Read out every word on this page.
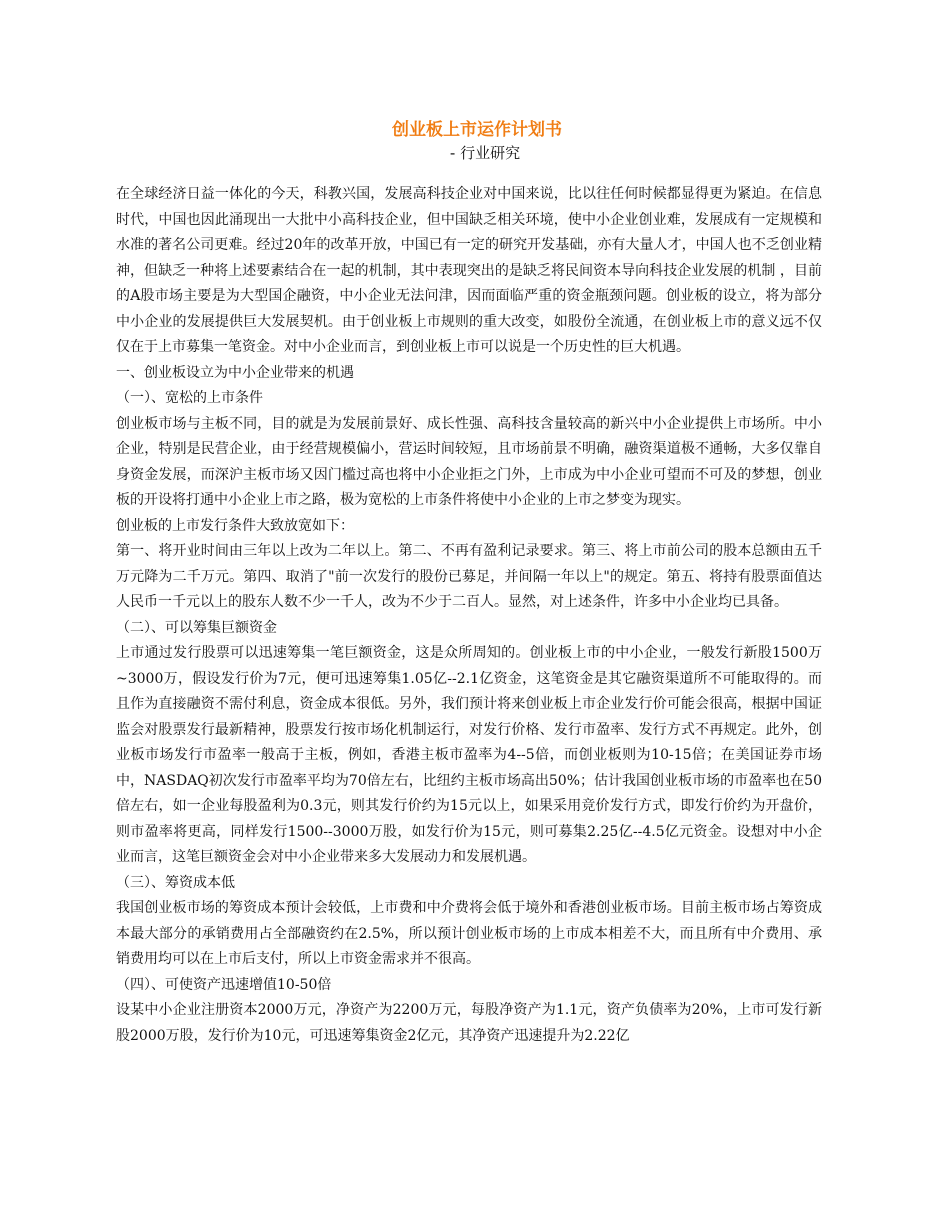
创业板上市运作计划书
- 行业研究

在全球经济日益一体化的今天，科教兴国，发展高科技企业对中国来说，比以往任何时候都显得更为紧迫。在信息时代，中国也因此涌现出一大批中小高科技企业，但中国缺乏相关环境，使中小企业创业难，发展成有一定规模和水准的著名公司更难。经过20年的改革开放，中国已有一定的研究开发基础，亦有大量人才，中国人也不乏创业精神，但缺乏一种将上述要素结合在一起的机制，其中表现突出的是缺乏将民间资本导向科技企业发展的机制 ，目前的A股市场主要是为大型国企融资，中小企业无法问津，因而面临严重的资金瓶颈问题。创业板的设立，将为部分中小企业的发展提供巨大发展契机。由于创业板上市规则的重大改变，如股份全流通，在创业板上市的意义远不仅仅在于上市募集一笔资金。对中小企业而言，到创业板上市可以说是一个历史性的巨大机遇。

一、创业板设立为中小企业带来的机遇

（一）、宽松的上市条件

创业板市场与主板不同，目的就是为发展前景好、成长性强、高科技含量较高的新兴中小企业提供上市场所。中小企业，特别是民营企业，由于经营规模偏小，营运时间较短，且市场前景不明确，融资渠道极不通畅，大多仅靠自身资金发展，而深沪主板市场又因门槛过高也将中小企业拒之门外，上市成为中小企业可望而不可及的梦想，创业板的开设将打通中小企业上市之路，极为宽松的上市条件将使中小企业的上市之梦变为现实。

创业板的上市发行条件大致放宽如下：

第一、将开业时间由三年以上改为二年以上。第二、不再有盈利记录要求。第三、将上市前公司的股本总额由五千万元降为二千万元。第四、取消了"前一次发行的股份已募足，并间隔一年以上"的规定。第五、将持有股票面值达人民币一千元以上的股东人数不少一千人，改为不少于二百人。显然，对上述条件，许多中小企业均已具备。

（二）、可以筹集巨额资金

上市通过发行股票可以迅速筹集一笔巨额资金，这是众所周知的。创业板上市的中小企业，一般发行新股1500万~3000万，假设发行价为7元，便可迅速筹集1.05亿--2.1亿资金，这笔资金是其它融资渠道所不可能取得的。而且作为直接融资不需付利息，资金成本很低。另外，我们预计将来创业板上市企业发行价可能会很高，根据中国证监会对股票发行最新精神，股票发行按市场化机制运行，对发行价格、发行市盈率、发行方式不再规定。此外，创业板市场发行市盈率一般高于主板，例如，香港主板市盈率为4--5倍，而创业板则为10-15倍；在美国证券市场中，NASDAQ初次发行市盈率平均为70倍左右，比纽约主板市场高出50%；估计我国创业板市场的市盈率也在50倍左右，如一企业每股盈利为0.3元，则其发行价约为15元以上，如果采用竞价发行方式，即发行价约为开盘价，则市盈率将更高，同样发行1500--3000万股，如发行价为15元，则可募集2.25亿--4.5亿元资金。设想对中小企业而言，这笔巨额资金会对中小企业带来多大发展动力和发展机遇。

（三）、筹资成本低

我国创业板市场的筹资成本预计会较低，上市费和中介费将会低于境外和香港创业板市场。目前主板市场占筹资成本最大部分的承销费用占全部融资约在2.5%，所以预计创业板市场的上市成本相差不大，而且所有中介费用、承销费用均可以在上市后支付，所以上市资金需求并不很高。

（四）、可使资产迅速增值10-50倍

设某中小企业注册资本2000万元，净资产为2200万元，每股净资产为1.1元，资产负债率为20%，上市可发行新股2000万股，发行价为10元，可迅速筹集资金2亿元，其净资产迅速提升为2.22亿
